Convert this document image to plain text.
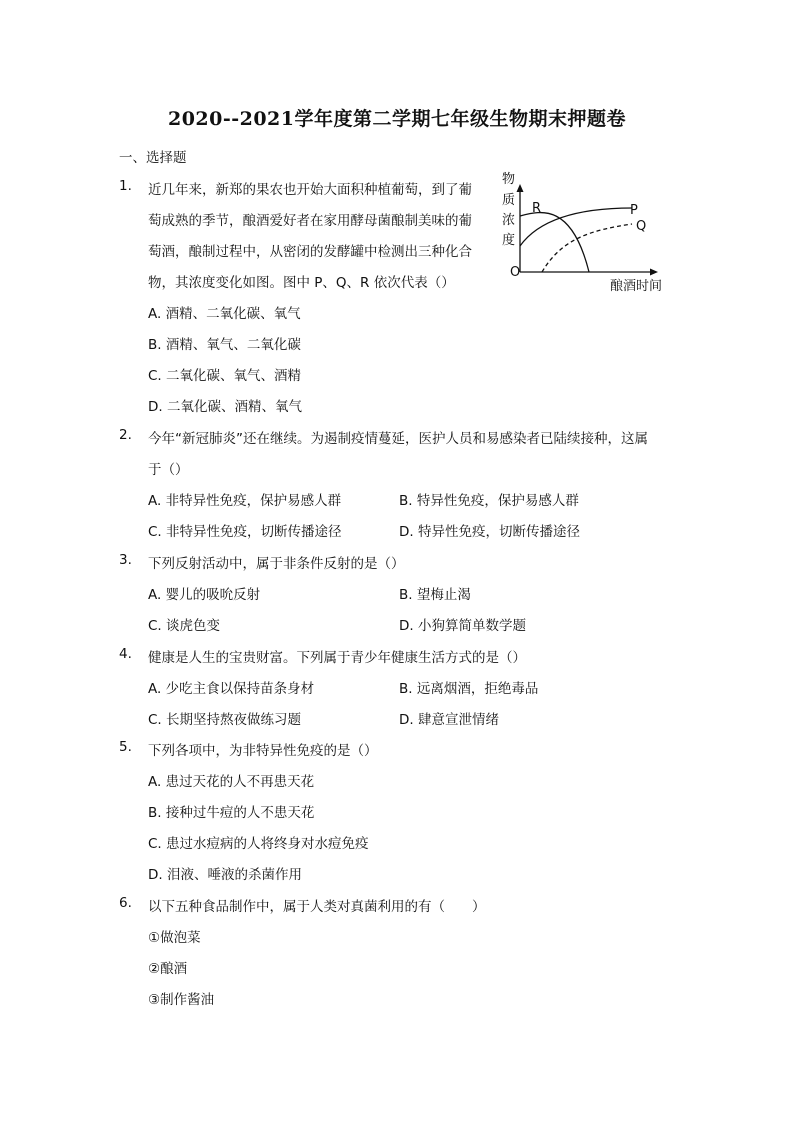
2020--2021学年度第二学期七年级生物期末押题卷
一、选择题
1. 近几年来，新郑的果农也开始大面积种植葡萄，到了葡
萄成熟的季节，酿酒爱好者在家用酵母菌酿制美味的葡
萄酒，酿制过程中，从密闭的发酵罐中检测出三种化合
物，其浓度变化如图。图中 P、Q、R 依次代表（）
A. 酒精、二氧化碳、氧气
B. 酒精、氧气、二氧化碳
C. 二氧化碳、氧气、酒精
D. 二氧化碳、酒精、氧气
物
质
浓
度
O
酿酒时间
P
Q
R
2. 今年“新冠肺炎”还在继续。为遏制疫情蔓延，医护人员和易感染者已陆续接种，这属
于（）
A. 非特异性免疫，保护易感人群	B. 特异性免疫，保护易感人群
C. 非特异性免疫，切断传播途径	D. 特异性免疫，切断传播途径
3. 下列反射活动中，属于非条件反射的是（）
A. 婴儿的吸吮反射	B. 望梅止渴
C. 谈虎色变	D. 小狗算简单数学题
4. 健康是人生的宝贵财富。下列属于青少年健康生活方式的是（）
A. 少吃主食以保持苗条身材	B. 远离烟酒，拒绝毒品
C. 长期坚持熬夜做练习题	D. 肆意宣泄情绪
5. 下列各项中，为非特异性免疫的是（）
A. 患过天花的人不再患天花
B. 接种过牛痘的人不患天花
C. 患过水痘病的人将终身对水痘免疫
D. 泪液、唾液的杀菌作用
6. 以下五种食品制作中，属于人类对真菌利用的有（　　）
①做泡菜
②酿酒
③制作酱油
